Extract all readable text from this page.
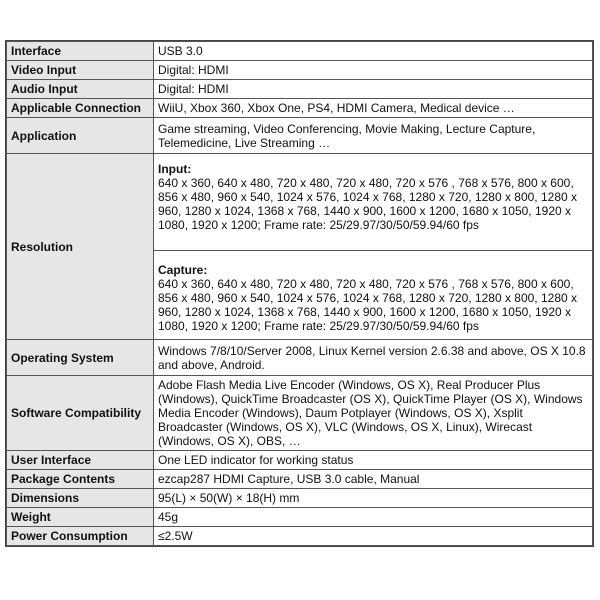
Interface	USB 3.0
Video Input	Digital: HDMI
Audio Input	Digital: HDMI
Applicable Connection	WiiU, Xbox 360, Xbox One, PS4, HDMI Camera, Medical device …
Application	Game streaming, Video Conferencing, Movie Making, Lecture Capture, Telemedicine, Live Streaming …
Resolution	Input:
640 x 360, 640 x 480, 720 x 480, 720 x 480, 720 x 576 , 768 x 576, 800 x 600, 856 x 480, 960 x 540, 1024 x 576, 1024 x 768, 1280 x 720, 1280 x 800, 1280 x 960, 1280 x 1024, 1368 x 768, 1440 x 900, 1600 x 1200, 1680 x 1050, 1920 x 1080, 1920 x 1200; Frame rate: 25/29.97/30/50/59.94/60 fps
Capture:
640 x 360, 640 x 480, 720 x 480, 720 x 480, 720 x 576 , 768 x 576, 800 x 600, 856 x 480, 960 x 540, 1024 x 576, 1024 x 768, 1280 x 720, 1280 x 800, 1280 x 960, 1280 x 1024, 1368 x 768, 1440 x 900, 1600 x 1200, 1680 x 1050, 1920 x 1080, 1920 x 1200; Frame rate: 25/29.97/30/50/59.94/60 fps

Operating System	Windows 7/8/10/Server 2008, Linux Kernel version 2.6.38 and above, OS X 10.8 and above, Android.
Software Compatibility	Adobe Flash Media Live Encoder (Windows, OS X), Real Producer Plus (Windows), QuickTime Broadcaster (OS X), QuickTime Player (OS X), Windows Media Encoder (Windows), Daum Potplayer (Windows, OS X), Xsplit Broadcaster (Windows, OS X), VLC (Windows, OS X, Linux), Wirecast (Windows, OS X), OBS, …
User Interface	One LED indicator for working status
Package Contents	ezcap287 HDMI Capture, USB 3.0 cable, Manual
Dimensions	95(L) × 50(W) × 18(H) mm
Weight	45g
Power Consumption	≤2.5W
